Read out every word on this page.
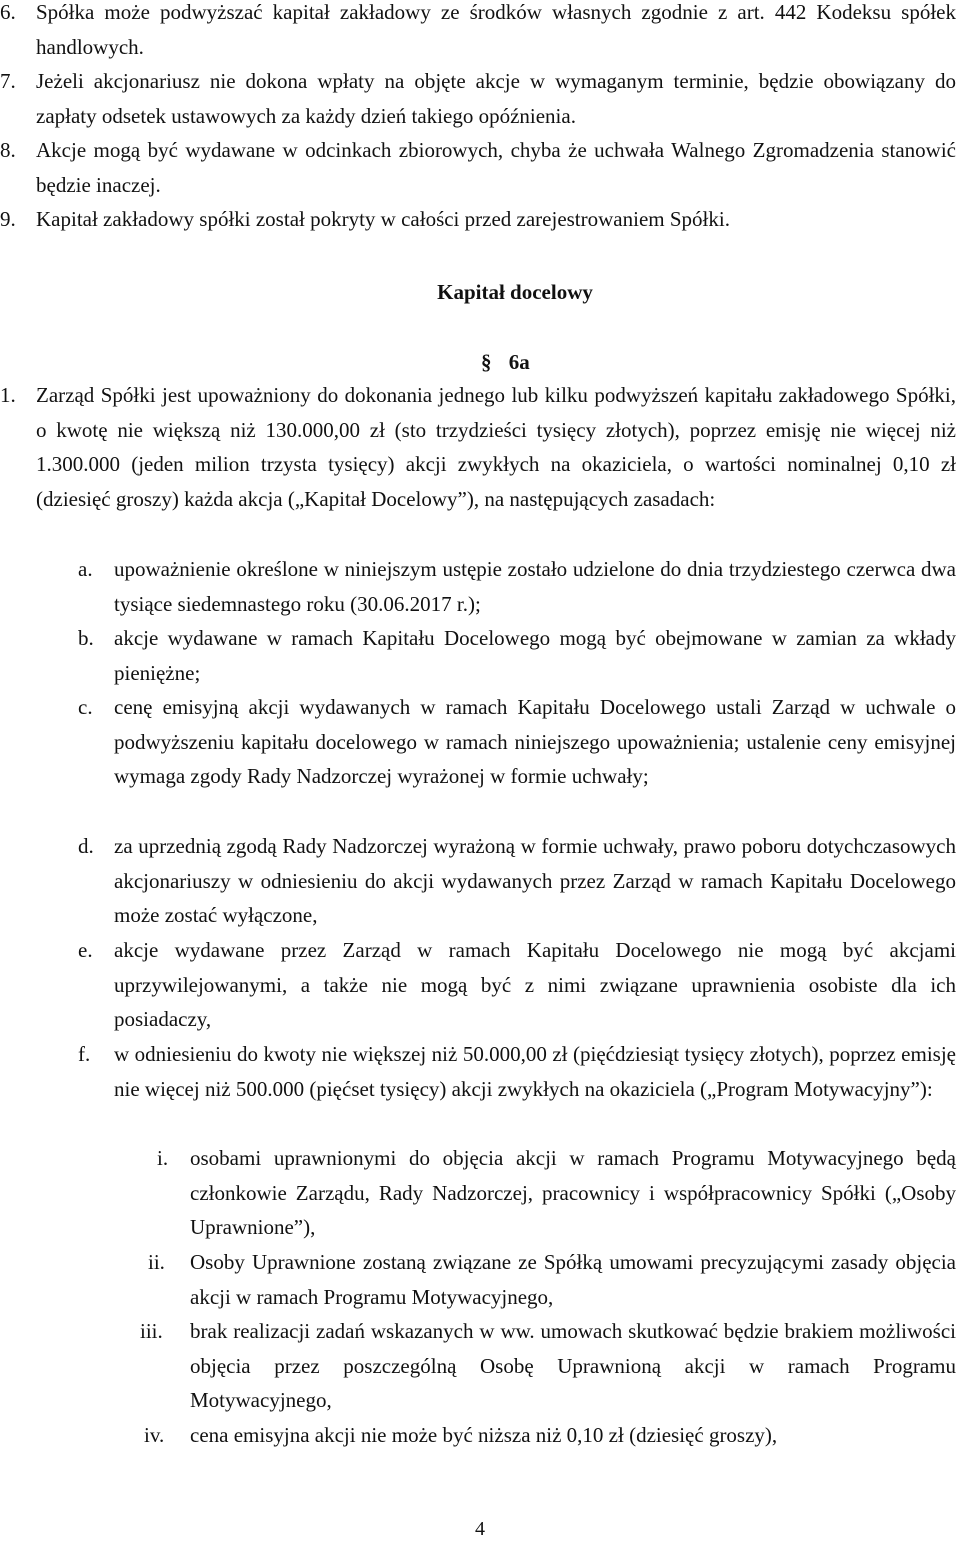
6. Spółka może podwyższać kapitał zakładowy ze środków własnych zgodnie z art. 442 Kodeksu spółek handlowych.

7. Jeżeli akcjonariusz nie dokona wpłaty na objęte akcje w wymaganym terminie, będzie obowiązany do zapłaty odsetek ustawowych za każdy dzień takiego opóźnienia.

8. Akcje mogą być wydawane w odcinkach zbiorowych, chyba że uchwała Walnego Zgromadzenia stanowić będzie inaczej.

9. Kapitał zakładowy spółki został pokryty w całości przed zarejestrowaniem Spółki.

Kapitał docelowy
§ 6a
1. Zarząd Spółki jest upoważniony do dokonania jednego lub kilku podwyższeń kapitału zakładowego Spółki, o kwotę nie większą niż 130.000,00 zł (sto trzydzieści tysięcy złotych), poprzez emisję nie więcej niż 1.300.000 (jeden milion trzysta tysięcy) akcji zwykłych na okaziciela, o wartości nominalnej 0,10 zł (dziesięć groszy) każda akcja („Kapitał Docelowy”), na następujących zasadach:

a. upoważnienie określone w niniejszym ustępie zostało udzielone do dnia trzydziestego czerwca dwa tysiące siedemnastego roku (30.06.2017 r.);

b. akcje wydawane w ramach Kapitału Docelowego mogą być obejmowane w zamian za wkłady pieniężne;

c. cenę emisyjną akcji wydawanych w ramach Kapitału Docelowego ustali Zarząd w uchwale o podwyższeniu kapitału docelowego w ramach niniejszego upoważnienia; ustalenie ceny emisyjnej wymaga zgody Rady Nadzorczej wyrażonej w formie uchwały;

d. za uprzednią zgodą Rady Nadzorczej wyrażoną w formie uchwały, prawo poboru dotychczasowych akcjonariuszy w odniesieniu do akcji wydawanych przez Zarząd w ramach Kapitału Docelowego może zostać wyłączone,

e. akcje wydawane przez Zarząd w ramach Kapitału Docelowego nie mogą być akcjami uprzywilejowanymi, a także nie mogą być z nimi związane uprawnienia osobiste dla ich posiadaczy,

f. w odniesieniu do kwoty nie większej niż 50.000,00 zł (pięćdziesiąt tysięcy złotych), poprzez emisję nie więcej niż 500.000 (pięćset tysięcy) akcji zwykłych na okaziciela („Program Motywacyjny”):

i. osobami uprawnionymi do objęcia akcji w ramach Programu Motywacyjnego będą członkowie Zarządu, Rady Nadzorczej, pracownicy i współpracownicy Spółki („Osoby Uprawnione”),

ii. Osoby Uprawnione zostaną związane ze Spółką umowami precyzującymi zasady objęcia akcji w ramach Programu Motywacyjnego,

iii. brak realizacji zadań wskazanych w ww. umowach skutkować będzie brakiem możliwości objęcia przez poszczególną Osobę Uprawnioną akcji w ramach Programu Motywacyjnego,

iv. cena emisyjna akcji nie może być niższa niż 0,10 zł (dziesięć groszy),

4
